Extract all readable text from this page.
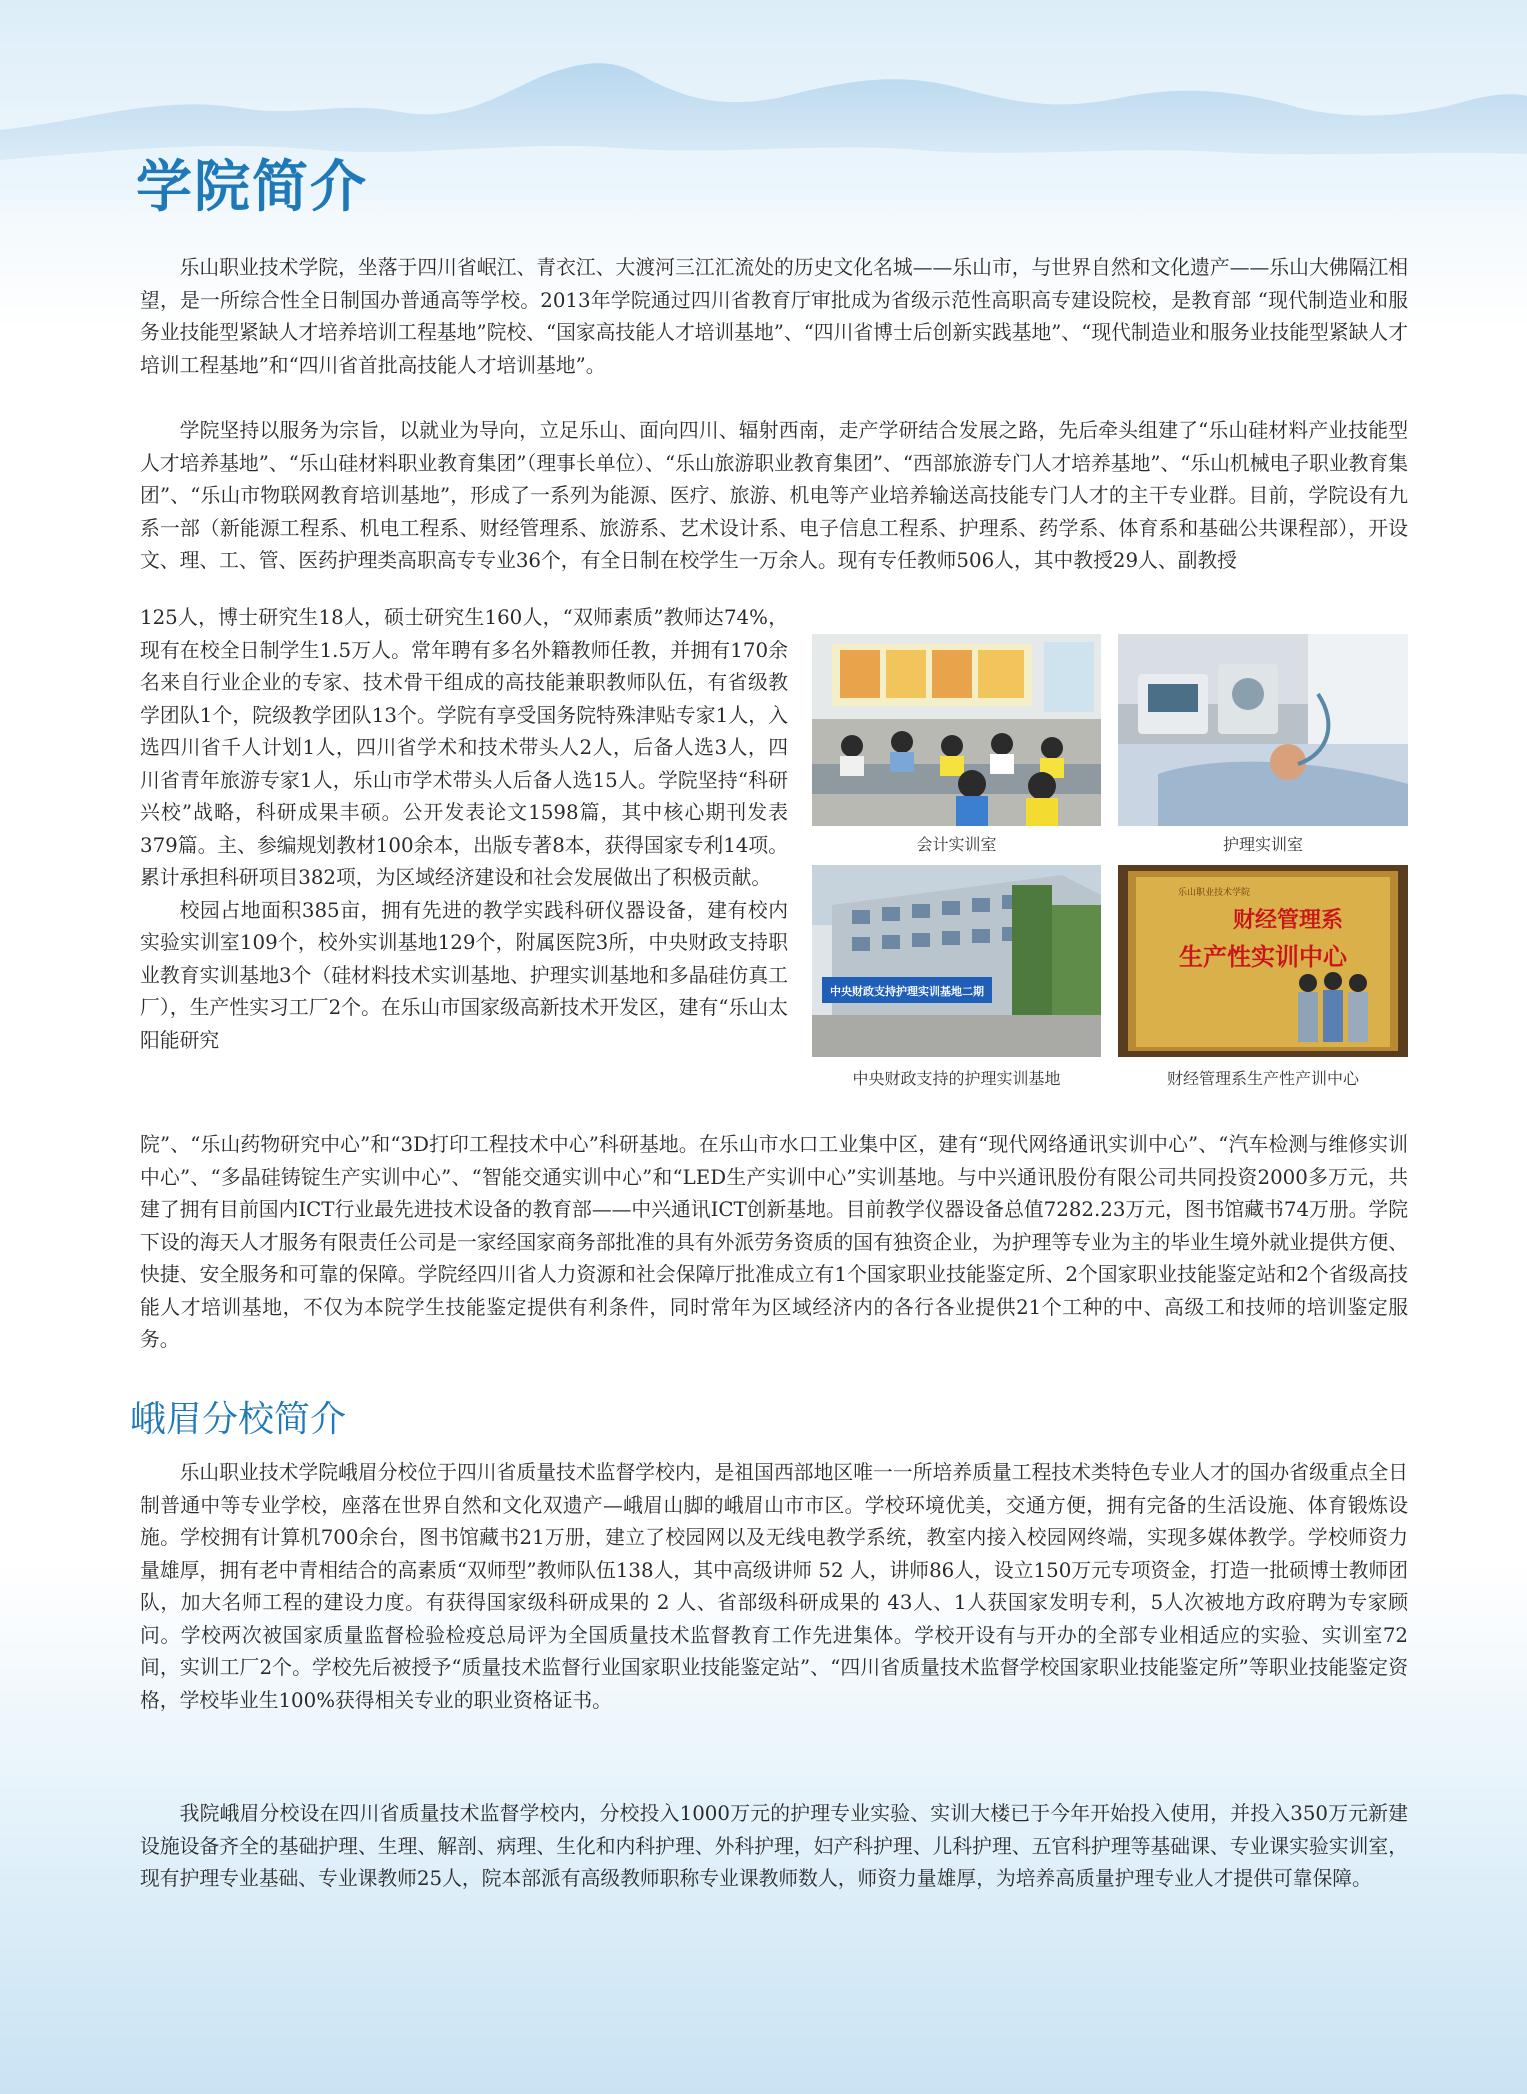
学院简介

乐山职业技术学院，坐落于四川省岷江、青衣江、大渡河三江汇流处的历史文化名城——乐山市，与世界自然和文化遗产——乐山大佛隔江相望，是一所综合性全日制国办普通高等学校。2013年学院通过四川省教育厅审批成为省级示范性高职高专建设院校，是教育部 “现代制造业和服务业技能型紧缺人才培养培训工程基地”院校、“国家高技能人才培训基地”、“四川省博士后创新实践基地”、“现代制造业和服务业技能型紧缺人才培训工程基地”和“四川省首批高技能人才培训基地”。

学院坚持以服务为宗旨，以就业为导向，立足乐山、面向四川、辐射西南，走产学研结合发展之路，先后牵头组建了“乐山硅材料产业技能型人才培养基地”、“乐山硅材料职业教育集团”（理事长单位）、“乐山旅游职业教育集团”、“西部旅游专门人才培养基地”、“乐山机械电子职业教育集团”、“乐山市物联网教育培训基地”，形成了一系列为能源、医疗、旅游、机电等产业培养输送高技能专门人才的主干专业群。目前，学院设有九系一部（新能源工程系、机电工程系、财经管理系、旅游系、艺术设计系、电子信息工程系、护理系、药学系、体育系和基础公共课程部），开设文、理、工、管、医药护理类高职高专专业36个，有全日制在校学生一万余人。现有专任教师506人，其中教授29人、副教授

125人，博士研究生18人，硕士研究生160人，“双师素质”教师达74%，现有在校全日制学生1.5万人。常年聘有多名外籍教师任教，并拥有170余名来自行业企业的专家、技术骨干组成的高技能兼职教师队伍，有省级教学团队1个，院级教学团队13个。学院有享受国务院特殊津贴专家1人，入选四川省千人计划1人，四川省学术和技术带头人2人，后备人选3人，四川省青年旅游专家1人，乐山市学术带头人后备人选15人。学院坚持“科研兴校”战略，科研成果丰硕。公开发表论文1598篇，其中核心期刊发表379篇。主、参编规划教材100余本，出版专著8本，获得国家专利14项。累计承担科研项目382项，为区域经济建设和社会发展做出了积极贡献。

校园占地面积385亩，拥有先进的教学实践科研仪器设备，建有校内实验实训室109个，校外实训基地129个，附属医院3所，中央财政支持职业教育实训基地3个（硅材料技术实训基地、护理实训基地和多晶硅仿真工厂），生产性实习工厂2个。在乐山市国家级高新技术开发区，建有“乐山太阳能研究

院”、“乐山药物研究中心”和“3D打印工程技术中心”科研基地。在乐山市水口工业集中区，建有“现代网络通讯实训中心”、“汽车检测与维修实训中心”、“多晶硅铸锭生产实训中心”、“智能交通实训中心”和“LED生产实训中心”实训基地。与中兴通讯股份有限公司共同投资2000多万元，共建了拥有目前国内ICT行业最先进技术设备的教育部——中兴通讯ICT创新基地。目前教学仪器设备总值7282.23万元，图书馆藏书74万册。学院下设的海天人才服务有限责任公司是一家经国家商务部批准的具有外派劳务资质的国有独资企业，为护理等专业为主的毕业生境外就业提供方便、快捷、安全服务和可靠的保障。学院经四川省人力资源和社会保障厅批准成立有1个国家职业技能鉴定所、2个国家职业技能鉴定站和2个省级高技能人才培训基地，不仅为本院学生技能鉴定提供有利条件，同时常年为区域经济内的各行各业提供21个工种的中、高级工和技师的培训鉴定服务。

会计实训室	护理实训室
中央财政支持护理实训基地二期
中央财政支持的护理实训基地
乐山职业技术学院
财经管理系
生产性实训中心
财经管理系生产性产训中心
峨眉分校简介

乐山职业技术学院峨眉分校位于四川省质量技术监督学校内，是祖国西部地区唯一一所培养质量工程技术类特色专业人才的国办省级重点全日制普通中等专业学校，座落在世界自然和文化双遗产—峨眉山脚的峨眉山市市区。学校环境优美，交通方便，拥有完备的生活设施、体育锻炼设施。学校拥有计算机700余台，图书馆藏书21万册，建立了校园网以及无线电教学系统，教室内接入校园网终端，实现多媒体教学。学校师资力量雄厚，拥有老中青相结合的高素质“双师型”教师队伍138人，其中高级讲师 52 人，讲师86人，设立150万元专项资金，打造一批硕博士教师团队，加大名师工程的建设力度。有获得国家级科研成果的 2 人、省部级科研成果的 43人、1人获国家发明专利，5人次被地方政府聘为专家顾问。学校两次被国家质量监督检验检疫总局评为全国质量技术监督教育工作先进集体。学校开设有与开办的全部专业相适应的实验、实训室72间，实训工厂2个。学校先后被授予“质量技术监督行业国家职业技能鉴定站”、“四川省质量技术监督学校国家职业技能鉴定所”等职业技能鉴定资格，学校毕业生100%获得相关专业的职业资格证书。

我院峨眉分校设在四川省质量技术监督学校内，分校投入1000万元的护理专业实验、实训大楼已于今年开始投入使用，并投入350万元新建设施设备齐全的基础护理、生理、解剖、病理、生化和内科护理、外科护理，妇产科护理、儿科护理、五官科护理等基础课、专业课实验实训室，现有护理专业基础、专业课教师25人，院本部派有高级教师职称专业课教师数人，师资力量雄厚，为培养高质量护理专业人才提供可靠保障。
